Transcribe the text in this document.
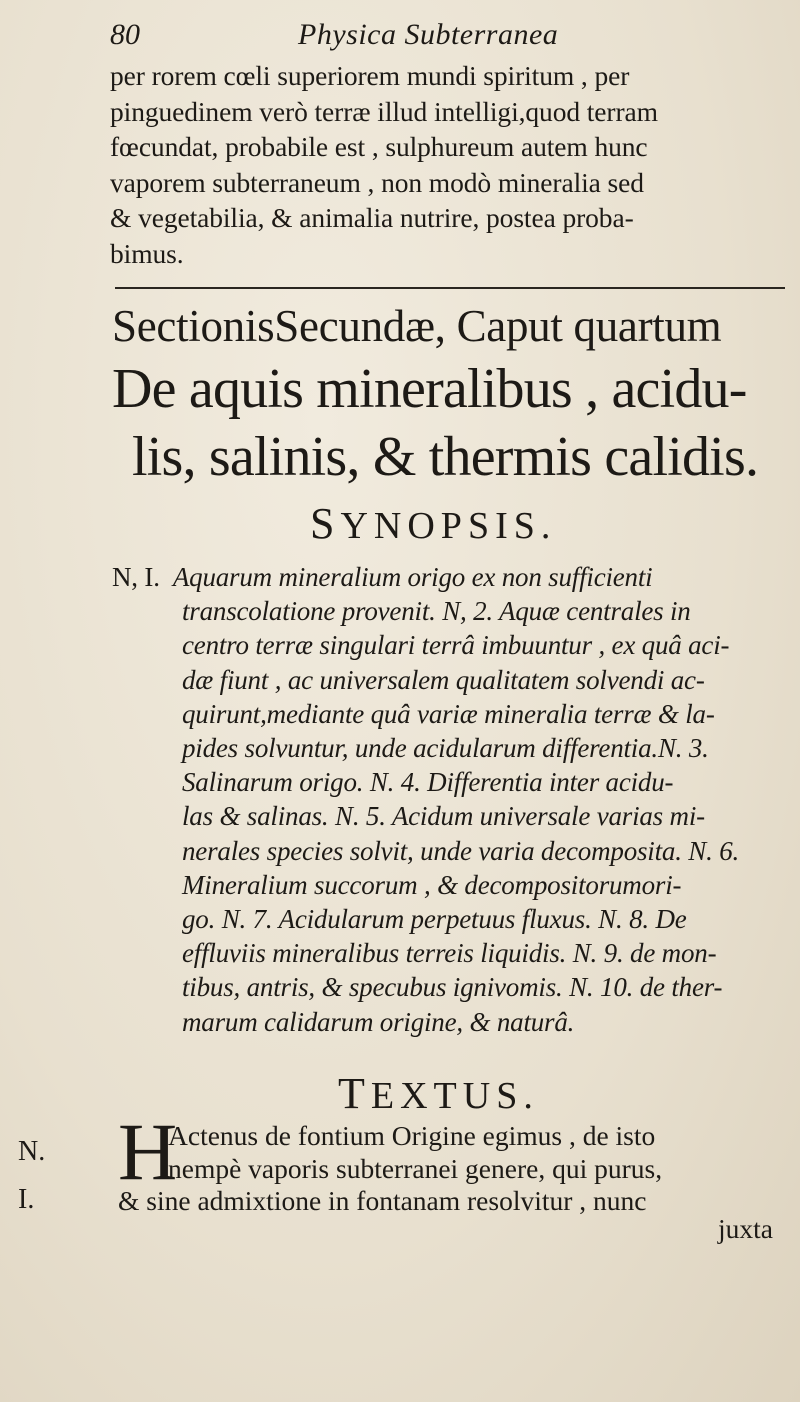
80	Physica Subterranea
per rorem cœli superiorem mundi spiritum , per
pinguedinem verò terræ illud intelligi,quod terram
fœcundat, probabile est , sulphureum autem hunc
vaporem subterraneum , non modò mineralia sed
& vegetabilia, & animalia nutrire, postea proba-
bimus.
SectionisSecundæ, Caput quartum
De aquis mineralibus , acidu-
lis, salinis, & thermis calidis.
SYNOPSIS.
N, I. Aquarum mineralium origo ex non sufficienti
transcolatione provenit. N, 2. Aquæ centrales in
centro terræ singulari terrâ imbuuntur , ex quâ aci-
dæ fiunt , ac universalem qualitatem solvendi ac-
quirunt,mediante quâ variæ mineralia terræ & la-
pides solvuntur, unde acidularum differentia.N. 3.
Salinarum origo. N. 4. Differentia inter acidu-
las & salinas. N. 5. Acidum universale varias mi-
nerales species solvit, unde varia decomposita. N. 6.
Mineralium succorum , & decompositorumori-
go. N. 7. Acidularum perpetuus fluxus. N. 8. De
effluviis mineralibus terreis liquidis. N. 9. de mon-
tibus, antris, & specubus ignivomis. N. 10. de ther-
marum calidarum origine, & naturâ.
TEXTUS.
N.
I.
H
Actenus de fontium Origine egimus , de isto
nempè vaporis subterranei genere, qui purus,
& sine admixtione in fontanam resolvitur , nunc
juxta
